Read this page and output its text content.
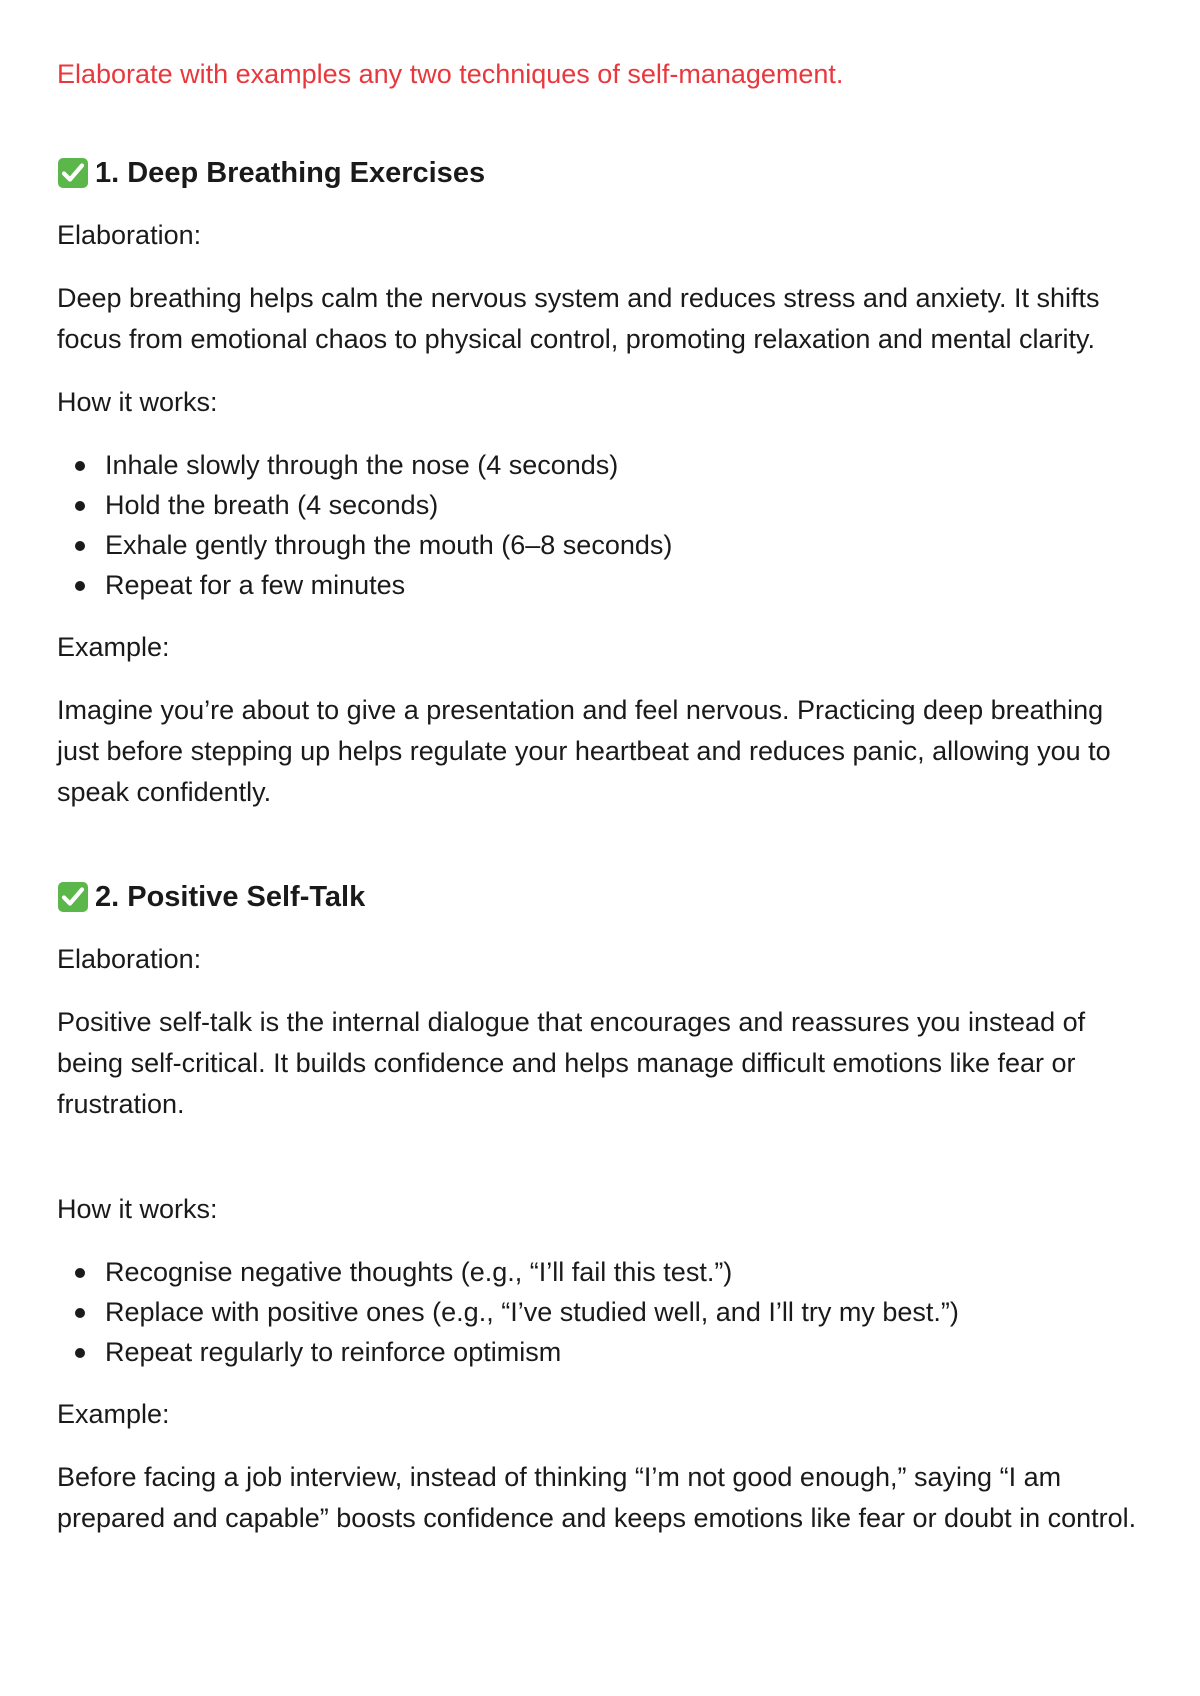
Elaborate with examples any two techniques of self-management.
1. Deep Breathing Exercises
Elaboration:
Deep breathing helps calm the nervous system and reduces stress and anxiety. It shifts focus from emotional chaos to physical control, promoting relaxation and mental clarity.
How it works:
Inhale slowly through the nose (4 seconds)
Hold the breath (4 seconds)
Exhale gently through the mouth (6–8 seconds)
Repeat for a few minutes
Example:
Imagine you’re about to give a presentation and feel nervous. Practicing deep breathing just before stepping up helps regulate your heartbeat and reduces panic, allowing you to speak confidently.
2. Positive Self-Talk
Elaboration:
Positive self-talk is the internal dialogue that encourages and reassures you instead of being self-critical. It builds confidence and helps manage difficult emotions like fear or frustration.
How it works:
Recognise negative thoughts (e.g., “I’ll fail this test.”)
Replace with positive ones (e.g., “I’ve studied well, and I’ll try my best.”)
Repeat regularly to reinforce optimism
Example:
Before facing a job interview, instead of thinking “I’m not good enough,” saying “I am prepared and capable” boosts confidence and keeps emotions like fear or doubt in control.
